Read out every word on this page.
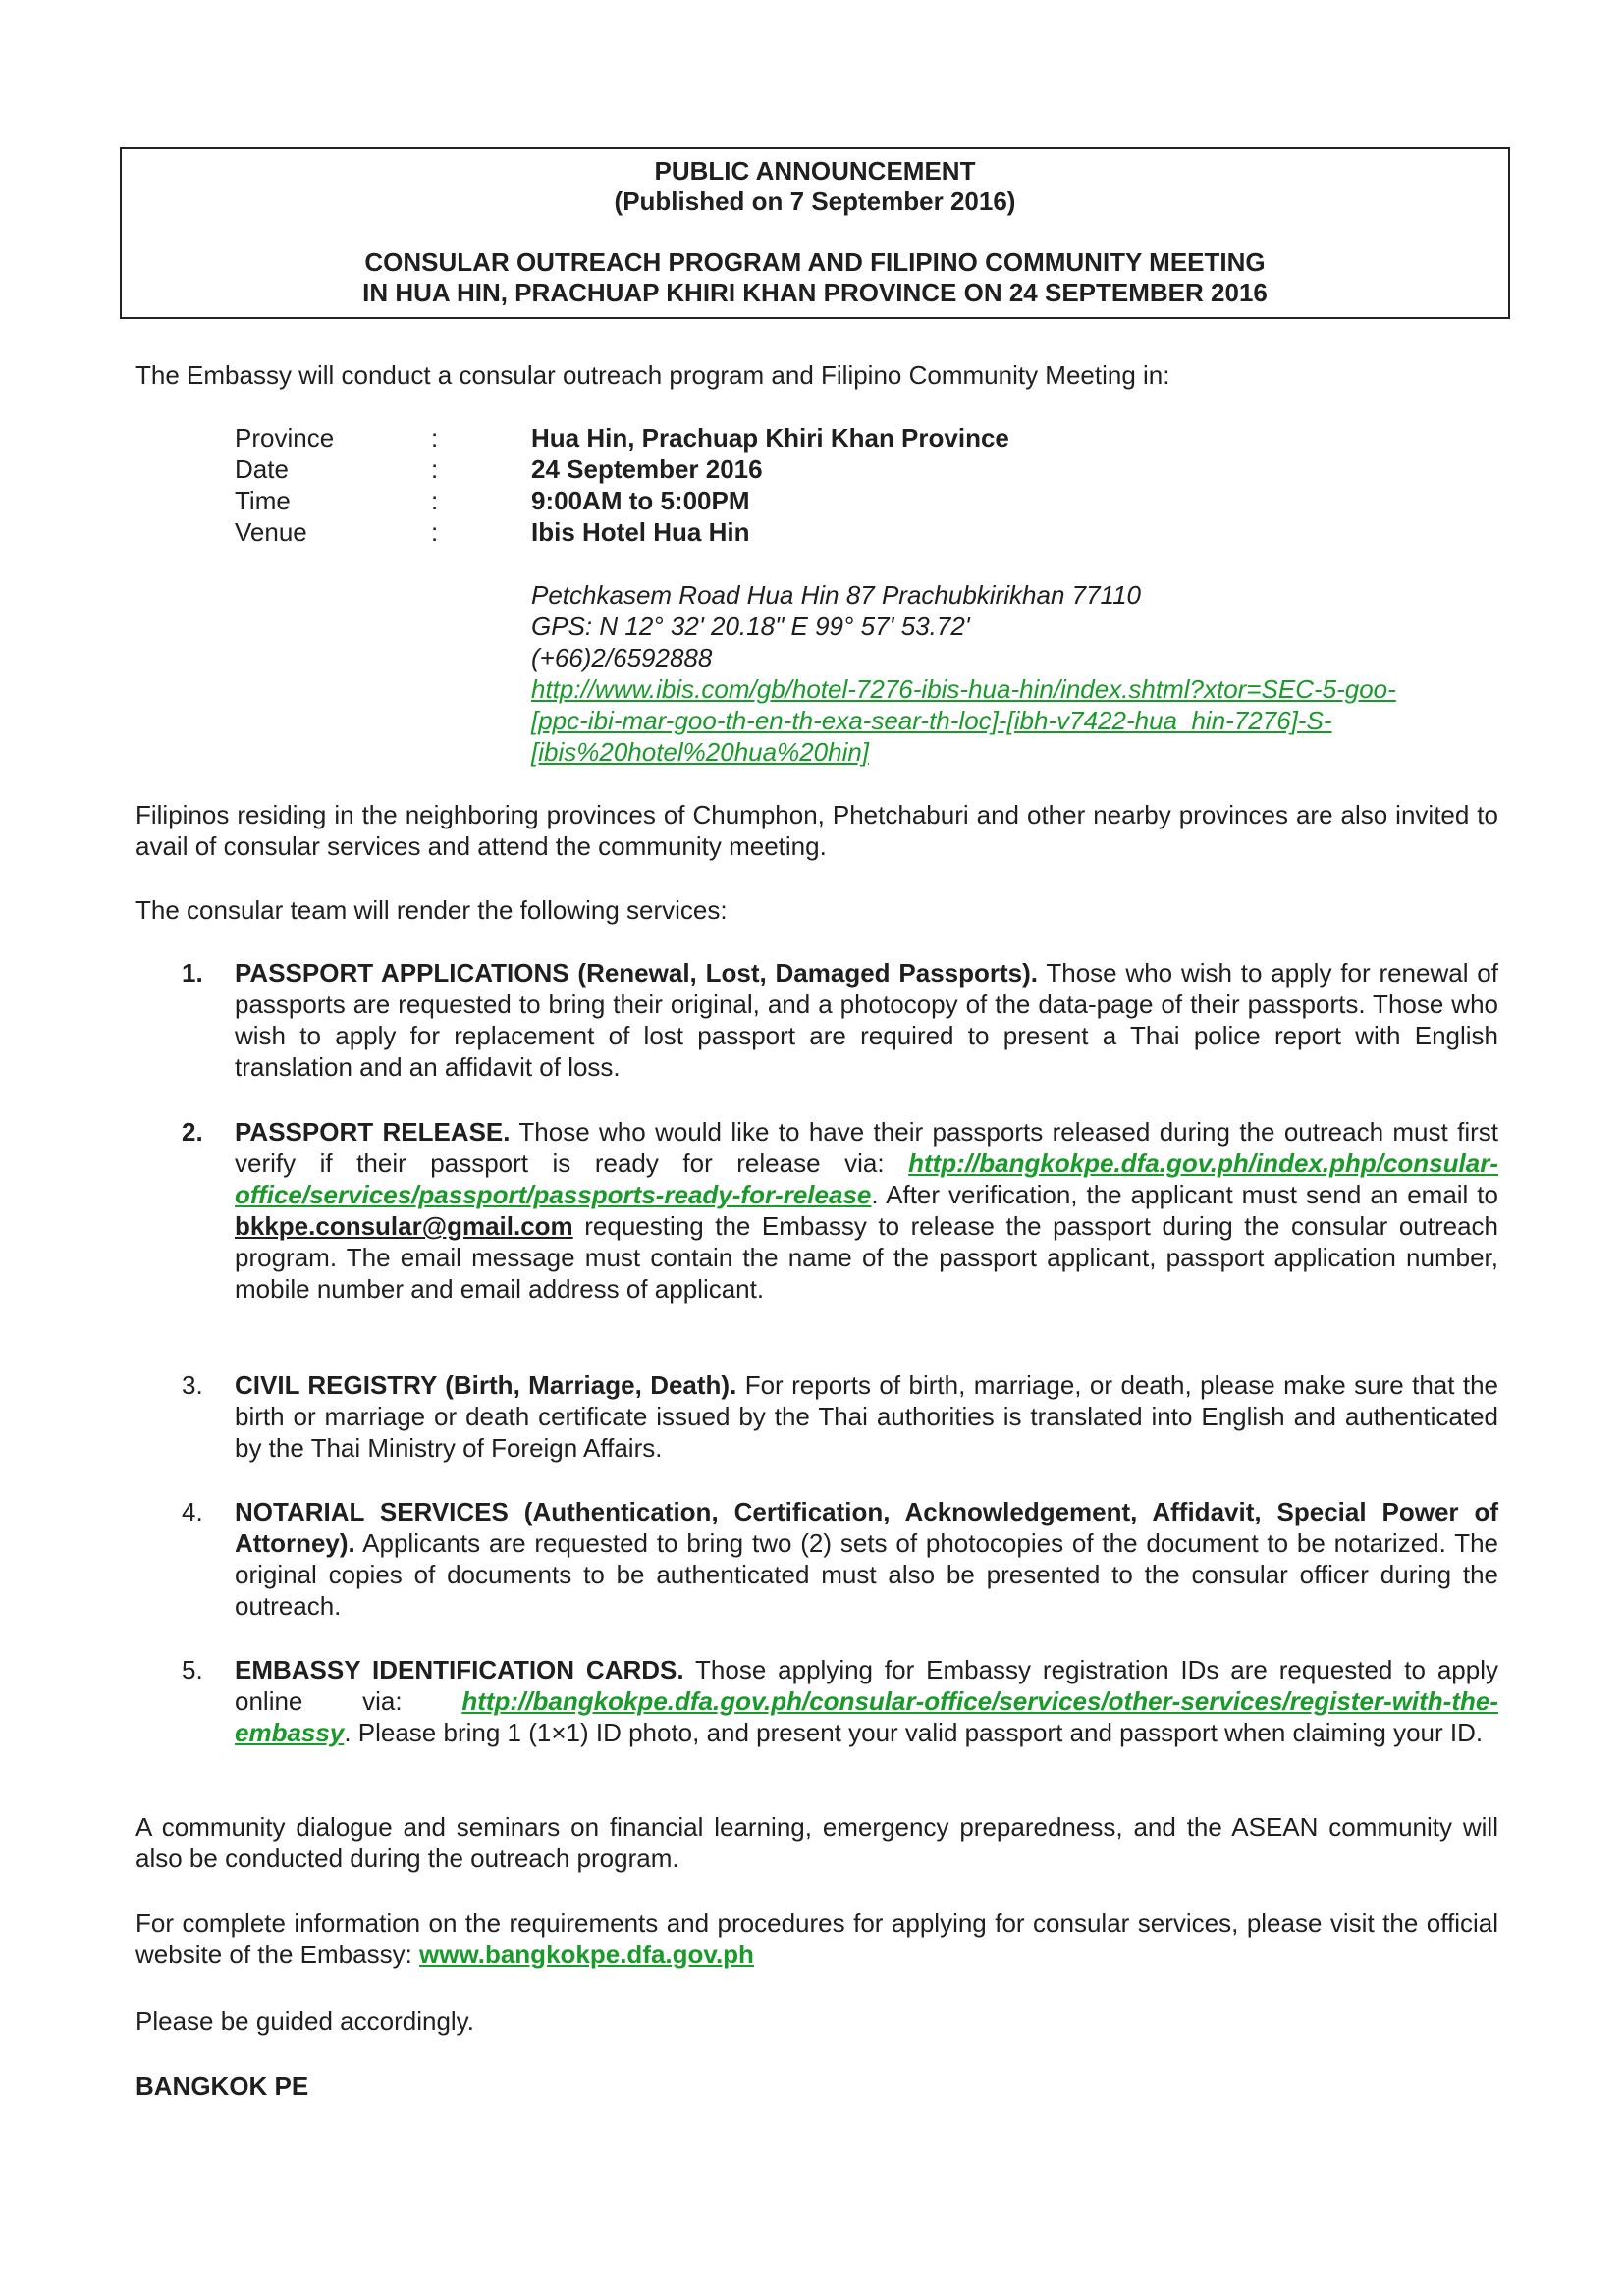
PUBLIC ANNOUNCEMENT
(Published on 7 September 2016)
CONSULAR OUTREACH PROGRAM AND FILIPINO COMMUNITY MEETING
IN HUA HIN, PRACHUAP KHIRI KHAN PROVINCE ON 24 SEPTEMBER 2016
The Embassy will conduct a consular outreach program and Filipino Community Meeting in:
Province	:	Hua Hin, Prachuap Khiri Khan Province
Date	:	24 September 2016
Time	:	9:00AM to 5:00PM
Venue	:	Ibis Hotel Hua Hin
Petchkasem Road Hua Hin 87 Prachubkirikhan 77110
GPS: N 12° 32' 20.18" E 99° 57' 53.72'
(+66)2/6592888
http://www.ibis.com/gb/hotel-7276-ibis-hua-hin/index.shtml?xtor=SEC-5-goo-
[ppc-ibi-mar-goo-th-en-th-exa-sear-th-loc]-[ibh-v7422-hua_hin-7276]-S-
[ibis%20hotel%20hua%20hin]
Filipinos residing in the neighboring provinces of Chumphon, Phetchaburi and other nearby provinces are also invited to avail of consular services and attend the community meeting.
The consular team will render the following services:
1. PASSPORT APPLICATIONS (Renewal, Lost, Damaged Passports). Those who wish to apply for renewal of passports are requested to bring their original, and a photocopy of the data-page of their passports. Those who wish to apply for replacement of lost passport are required to present a Thai police report with English translation and an affidavit of loss.
2. PASSPORT RELEASE. Those who would like to have their passports released during the outreach must first verify if their passport is ready for release via: http://bangkokpe.dfa.gov.ph/index.php/consular-office/services/passport/passports-ready-for-release. After verification, the applicant must send an email to bkkpe.consular@gmail.com requesting the Embassy to release the passport during the consular outreach program. The email message must contain the name of the passport applicant, passport application number, mobile number and email address of applicant.
3. CIVIL REGISTRY (Birth, Marriage, Death). For reports of birth, marriage, or death, please make sure that the birth or marriage or death certificate issued by the Thai authorities is translated into English and authenticated by the Thai Ministry of Foreign Affairs.
4. NOTARIAL SERVICES (Authentication, Certification, Acknowledgement, Affidavit, Special Power of Attorney). Applicants are requested to bring two (2) sets of photocopies of the document to be notarized. The original copies of documents to be authenticated must also be presented to the consular officer during the outreach.
5. EMBASSY IDENTIFICATION CARDS. Those applying for Embassy registration IDs are requested to apply online via: http://bangkokpe.dfa.gov.ph/consular-office/services/other-services/register-with-the-embassy. Please bring 1 (1×1) ID photo, and present your valid passport and passport when claiming your ID.
A community dialogue and seminars on financial learning, emergency preparedness, and the ASEAN community will also be conducted during the outreach program.
For complete information on the requirements and procedures for applying for consular services, please visit the official website of the Embassy: www.bangkokpe.dfa.gov.ph
Please be guided accordingly.
BANGKOK PE
